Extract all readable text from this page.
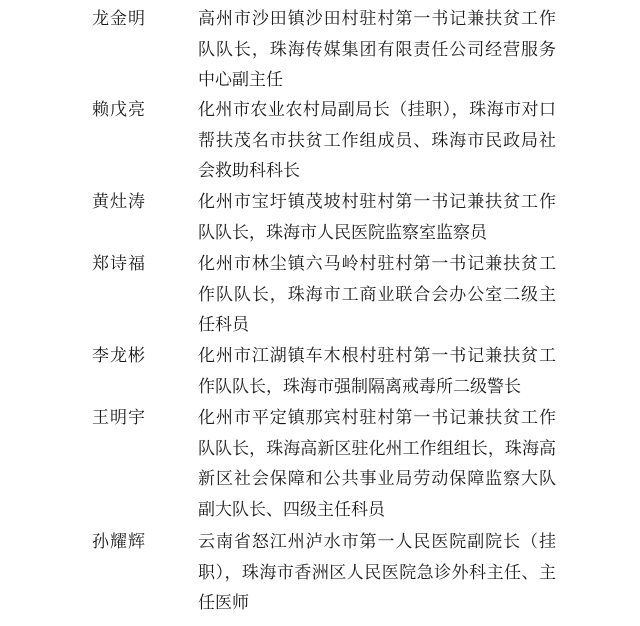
龙金明	高州市沙田镇沙田村驻村第一书记兼扶贫工作
队队长，珠海传媒集团有限责任公司经营服务
中心副主任
赖戊亮	化州市农业农村局副局长（挂职），珠海市对口
帮扶茂名市扶贫工作组成员、珠海市民政局社
会救助科科长
黄灶涛	化州市宝圩镇茂坡村驻村第一书记兼扶贫工作
队队长，珠海市人民医院监察室监察员
郑诗福	化州市林尘镇六马岭村驻村第一书记兼扶贫工
作队队长，珠海市工商业联合会办公室二级主
任科员
李龙彬	化州市江湖镇车木根村驻村第一书记兼扶贫工
作队队长，珠海市强制隔离戒毒所二级警长
王明宇	化州市平定镇那宾村驻村第一书记兼扶贫工作
队队长，珠海高新区驻化州工作组组长，珠海高
新区社会保障和公共事业局劳动保障监察大队
副大队长、四级主任科员
孙耀辉	云南省怒江州泸水市第一人民医院副院长（挂
职），珠海市香洲区人民医院急诊外科主任、主
任医师
